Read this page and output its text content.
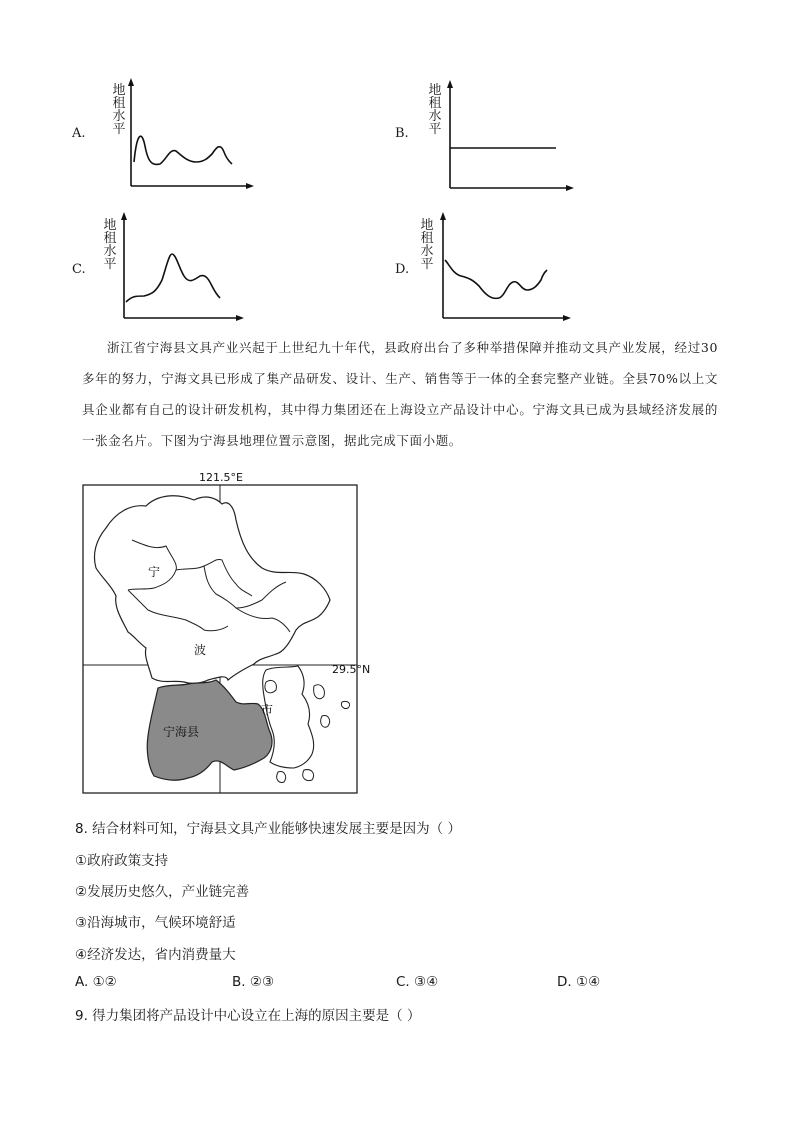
A.
地
租
水
平	B.
地
租
水
平
C.
地
租
水
平	D.
地
租
水
平

浙江省宁海县文具产业兴起于上世纪九十年代，县政府出台了多种举措保障并推动文具产业发展，经过30多年的努力，宁海文具已形成了集产品研发、设计、生产、销售等于一体的全套完整产业链。全县70%以上文具企业都有自己的设计研发机构，其中得力集团还在上海设立产品设计中心。宁海文具已成为县域经济发展的一张金名片。下图为宁海县地理位置示意图，据此完成下面小题。

121.5°E
29.5°N
宁
波
市
宁海县
8. 结合材料可知，宁海县文具产业能够快速发展主要是因为（ ）
①政府政策支持
②发展历史悠久，产业链完善
③沿海城市，气候环境舒适
④经济发达，省内消费量大
A. ①②	B. ②③	C. ③④	D. ①④
9. 得力集团将产品设计中心设立在上海的原因主要是（ ）
